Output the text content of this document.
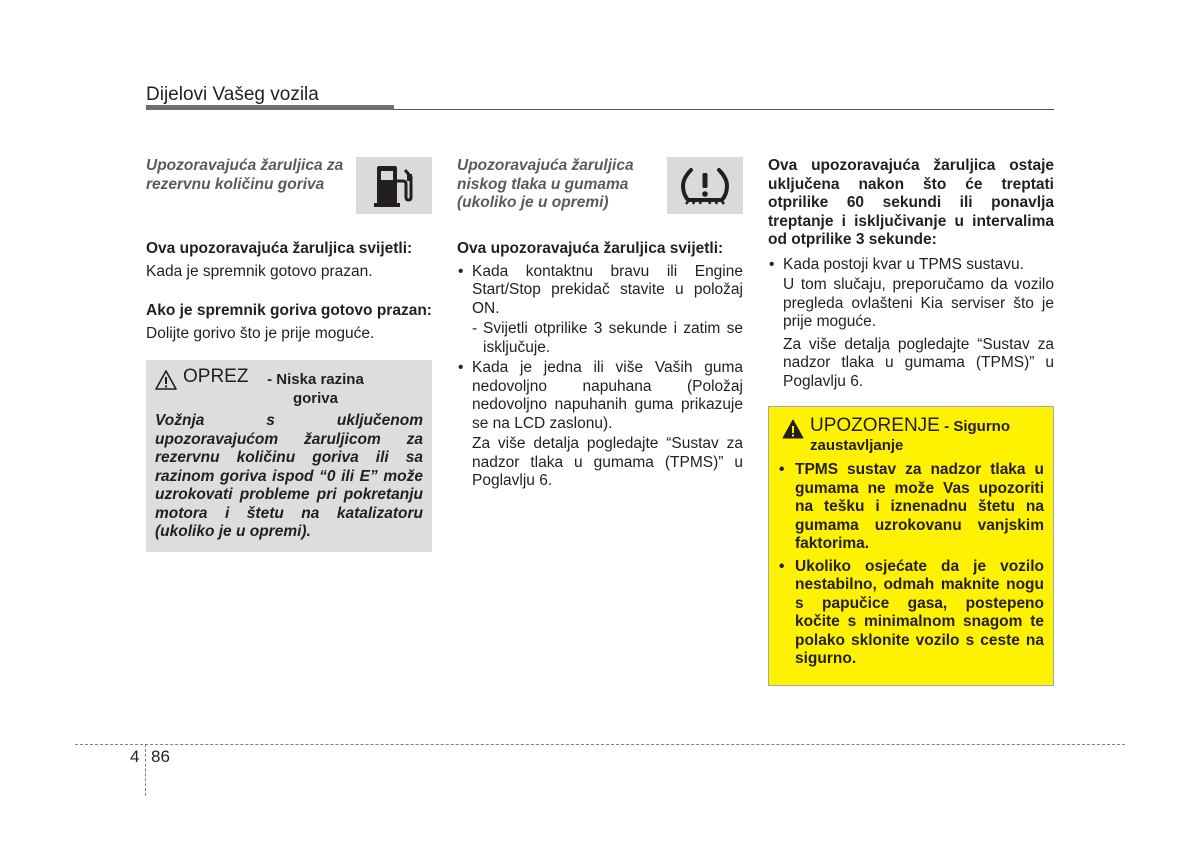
Dijelovi Vašeg vozila
Upozoravajuća žaruljica za rezervnu količinu goriva

Ova upozoravajuća žaruljica svijetli:

Kada je spremnik gotovo prazan.

Ako je spremnik goriva gotovo prazan:

Dolijte gorivo što je prije moguće.

OPREZ	- Niska razina goriva
Vožnja s uključenom upozoravajućom žaruljicom za rezervnu količinu goriva ili sa razinom goriva ispod “0 ili E” može uzrokovati probleme pri pokretanju motora i štetu na katalizatoru (ukoliko je u opremi).
Upozoravajuća žaruljica niskog tlaka u gumama (ukoliko je u opremi)

Ova upozoravajuća žaruljica svijetli:

• Kada kontaktnu bravu ili Engine Start/Stop prekidač stavite u položaj ON.
- Svijetli otprilike 3 sekunde i zatim se isključuje.
• Kada je jedna ili više Vaših guma nedovoljno napuhana (Položaj nedovoljno napuhanih guma prikazuje se na LCD zaslonu).

Za više detalja pogledajte “Sustav za nadzor tlaka u gumama (TPMS)” u Poglavlju 6.

Ova upozoravajuća žaruljica ostaje uključena nakon što će treptati otprilike 60 sekundi ili ponavlja treptanje i isključivanje u intervalima od otprilike 3 sekunde:

• Kada postoji kvar u TPMS sustavu.

U tom slučaju, preporučamo da vozilo pregleda ovlašteni Kia serviser što je prije moguće.

Za više detalja pogledajte “Sustav za nadzor tlaka u gumama (TPMS)” u Poglavlju 6.

UPOZORENJE - Sigurno zaustavljanje
• TPMS sustav za nadzor tlaka u gumama ne može Vas upozoriti na tešku i iznenadnu štetu na gumama uzrokovanu vanjskim faktorima.
• Ukoliko osjećate da je vozilo nestabilno, odmah maknite nogu s papučice gasa, postepeno kočite s minimalnom snagom te polako sklonite vozilo s ceste na sigurno.
4 86
